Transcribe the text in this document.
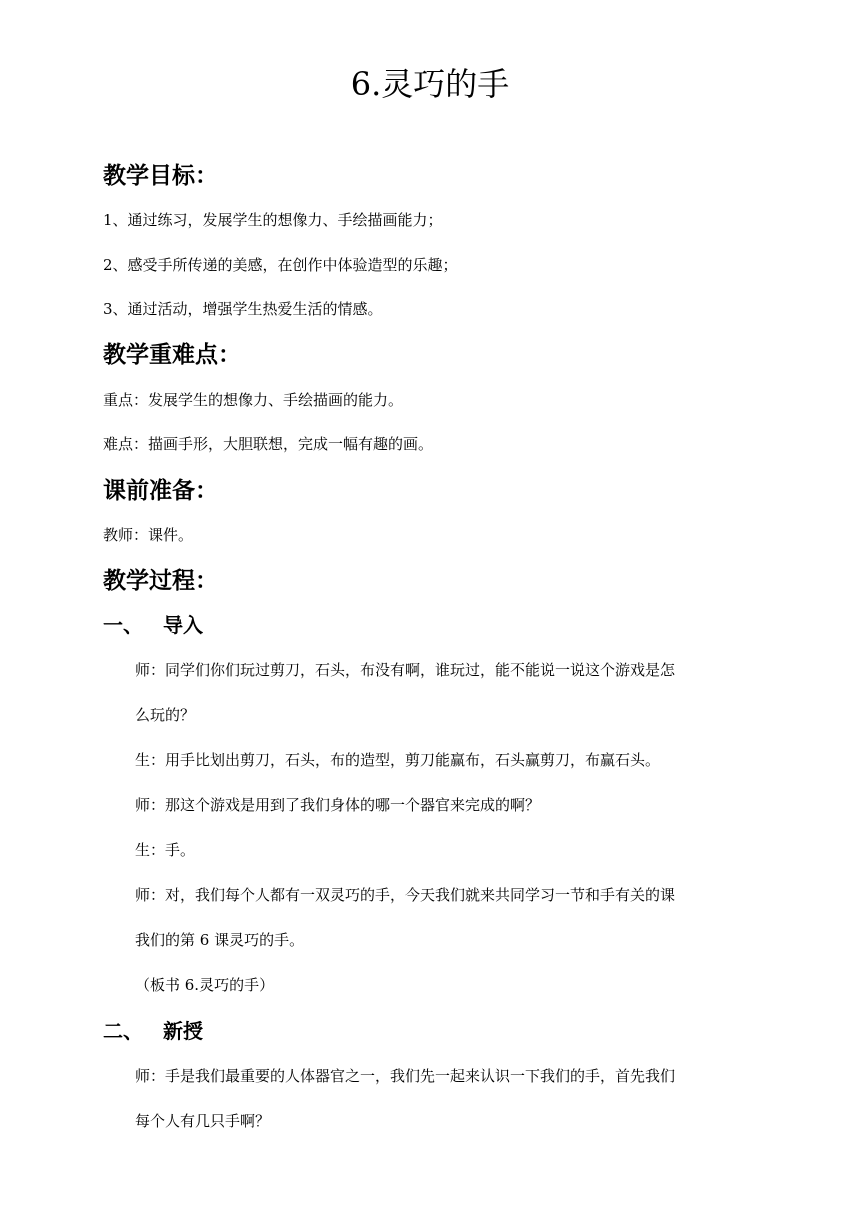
6.灵巧的手
教学目标：
1、通过练习，发展学生的想像力、手绘描画能力；
2、感受手所传递的美感，在创作中体验造型的乐趣；
3、通过活动，增强学生热爱生活的情感。
教学重难点：
重点：发展学生的想像力、手绘描画的能力。
难点：描画手形，大胆联想，完成一幅有趣的画。
课前准备：
教师：课件。
教学过程：
一、 导入
师：同学们你们玩过剪刀，石头，布没有啊，谁玩过，能不能说一说这个游戏是怎
么玩的？
生：用手比划出剪刀，石头，布的造型，剪刀能赢布，石头赢剪刀，布赢石头。
师：那这个游戏是用到了我们身体的哪一个器官来完成的啊？
生：手。
师：对，我们每个人都有一双灵巧的手，今天我们就来共同学习一节和手有关的课
我们的第 6 课灵巧的手。
（板书 6.灵巧的手）
二、 新授
师：手是我们最重要的人体器官之一，我们先一起来认识一下我们的手，首先我们
每个人有几只手啊？
